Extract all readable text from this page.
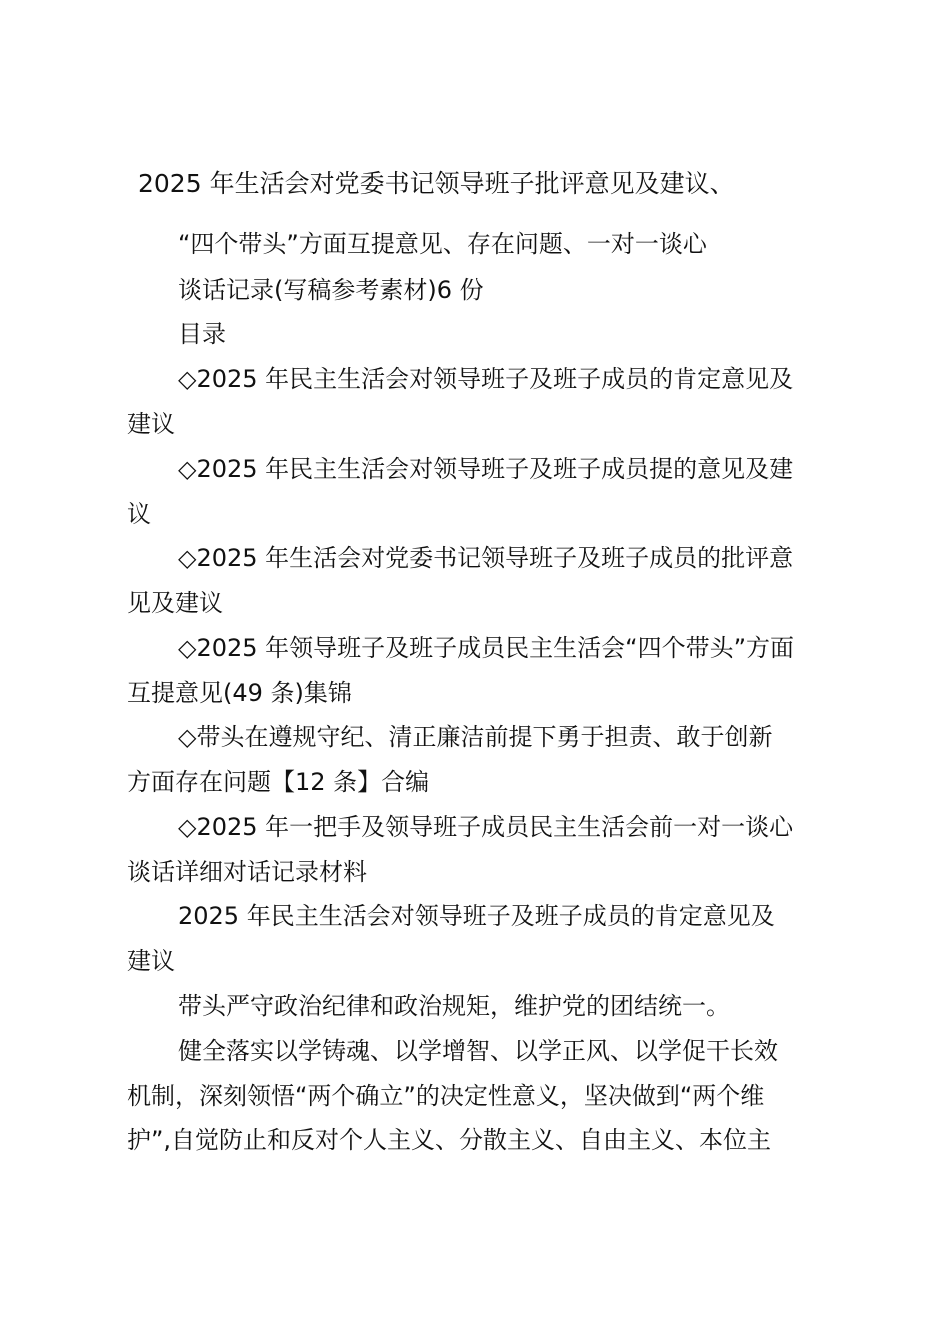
2025 年生活会对党委书记领导班子批评意见及建议、
“四个带头”方面互提意见、存在问题、一对一谈心
谈话记录(写稿参考素材)6 份
目录
◇2025 年民主生活会对领导班子及班子成员的肯定意见及
建议
◇2025 年民主生活会对领导班子及班子成员提的意见及建
议
◇2025 年生活会对党委书记领导班子及班子成员的批评意
见及建议
◇2025 年领导班子及班子成员民主生活会“四个带头”方面
互提意见(49 条)集锦
◇带头在遵规守纪、清正廉洁前提下勇于担责、敢于创新
方面存在问题【12 条】合编
◇2025 年一把手及领导班子成员民主生活会前一对一谈心
谈话详细对话记录材料
2025 年民主生活会对领导班子及班子成员的肯定意见及
建议
带头严守政治纪律和政治规矩，维护党的团结统一。
健全落实以学铸魂、以学增智、以学正风、以学促干长效
机制，深刻领悟“两个确立”的决定性意义，坚决做到“两个维
护”,自觉防止和反对个人主义、分散主义、自由主义、本位主
